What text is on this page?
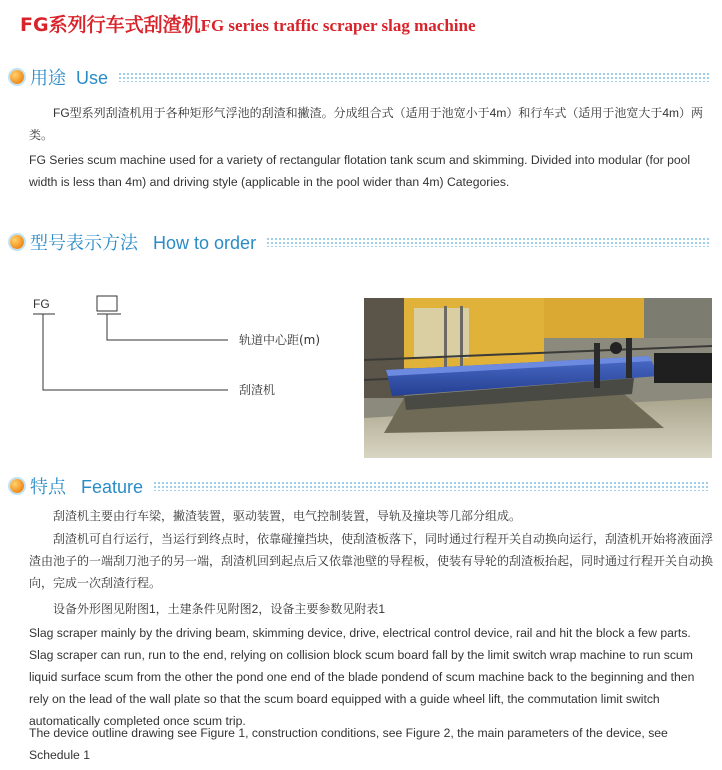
FG系列行车式刮渣机FG series traffic scraper slag machine
用途 Use

FG型系列刮渣机用于各种矩形气浮池的刮渣和撇渣。分成组合式（适用于池宽小于4m）和行车式（适用于池宽大于4m）两类。

FG Series scum machine used for a variety of rectangular flotation tank scum and skimming. Divided into modular (for pool width is less than 4m) and driving style (applicable in the pool wider than 4m) Categories.

型号表示方法 How to order
FG
轨道中心距(m)
刮渣机
特点 Feature

刮渣机主要由行车梁，撇渣装置，驱动装置，电气控制装置，导轨及撞块等几部分组成。

刮渣机可自行运行，当运行到终点时，依靠碰撞挡块，使刮渣板落下，同时通过行程开关自动换向运行，刮渣机开始将液面浮渣由池子的一端刮刀池子的另一端，刮渣机回到起点后又依靠池壁的导程板，使装有导轮的刮渣板抬起，同时通过行程开关自动换向，完成一次刮渣行程。

设备外形图见附图1，土建条件见附图2，设备主要参数见附表1

Slag scraper mainly by the driving beam, skimming device, drive, electrical control device, rail and hit the block a few parts.

Slag scraper can run, run to the end, relying on collision block scum board fall by the limit switch wrap machine to run scum liquid surface scum from the other the pond one end of the blade pondend of scum machine back to the beginning and then rely on the lead of the wall plate so that the scum board equipped with a guide wheel lift, the commutation limit switch automatically completed once scum trip.

The device outline drawing see Figure 1, construction conditions, see Figure 2, the main parameters of the device, see Schedule 1
